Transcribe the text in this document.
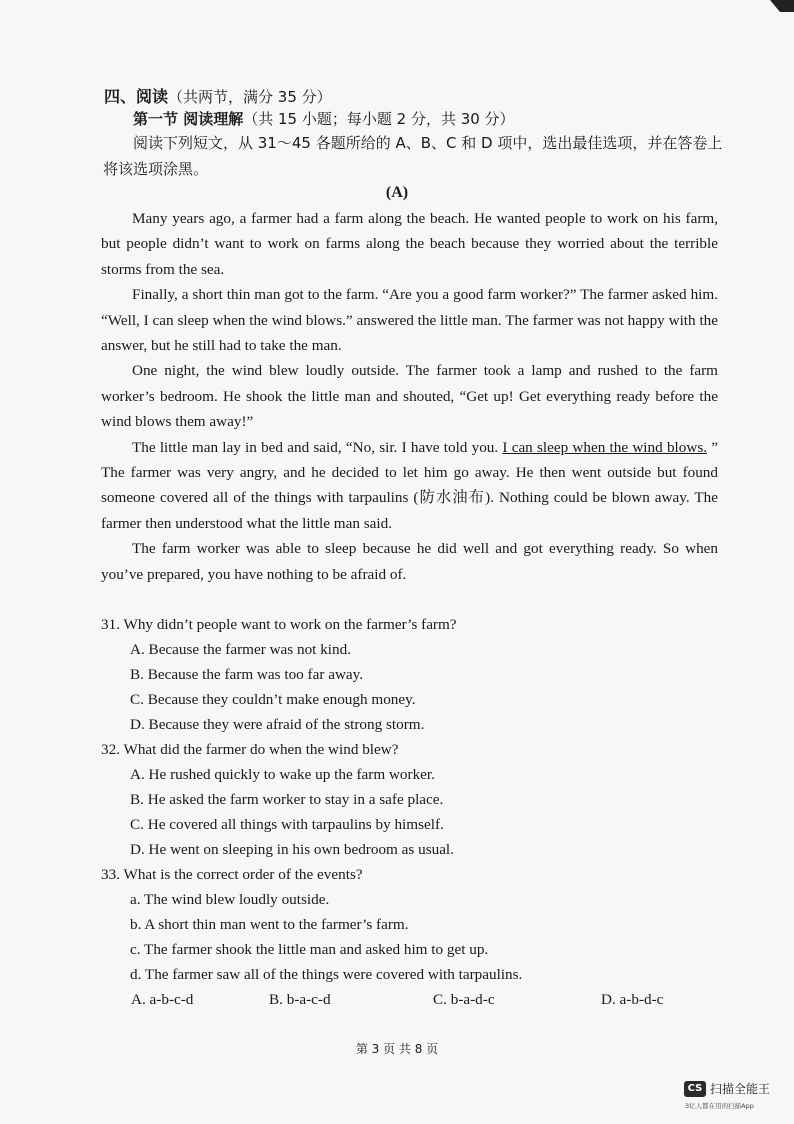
四、阅读（共两节，满分 35 分）
第一节 阅读理解（共 15 小题；每小题 2 分，共 30 分）
阅读下列短文，从 31～45 各题所给的 A、B、C 和 D 项中，选出最佳选项，并在答卷上将该选项涂黑。
(A)

Many years ago, a farmer had a farm along the beach. He wanted people to work on his farm, but people didn’t want to work on farms along the beach because they worried about the terrible storms from the sea.

Finally, a short thin man got to the farm. “Are you a good farm worker?” The farmer asked him. “Well, I can sleep when the wind blows.” answered the little man. The farmer was not happy with the answer, but he still had to take the man.

One night, the wind blew loudly outside. The farmer took a lamp and rushed to the farm worker’s bedroom. He shook the little man and shouted, “Get up! Get everything ready before the wind blows them away!”

The little man lay in bed and said, “No, sir. I have told you. I can sleep when the wind blows. ” The farmer was very angry, and he decided to let him go away. He then went outside but found someone covered all of the things with tarpaulins (防水油布). Nothing could be blown away. The farmer then understood what the little man said.

The farm worker was able to sleep because he did well and got everything ready. So when you’ve prepared, you have nothing to be afraid of.

31. Why didn’t people want to work on the farmer’s farm?
A. Because the farmer was not kind.
B. Because the farm was too far away.
C. Because they couldn’t make enough money.
D. Because they were afraid of the strong storm.
32. What did the farmer do when the wind blew?
A. He rushed quickly to wake up the farm worker.
B. He asked the farm worker to stay in a safe place.
C. He covered all things with tarpaulins by himself.
D. He went on sleeping in his own bedroom as usual.
33. What is the correct order of the events?
a. The wind blew loudly outside.
b. A short thin man went to the farmer’s farm.
c. The farmer shook the little man and asked him to get up.
d. The farmer saw all of the things were covered with tarpaulins.
A. a-b-c-d	B. b-a-c-d	C. b-a-d-c	D. a-b-d-c
第 3 页 共 8 页
CS 扫描全能王
3亿人都在用的扫描App
